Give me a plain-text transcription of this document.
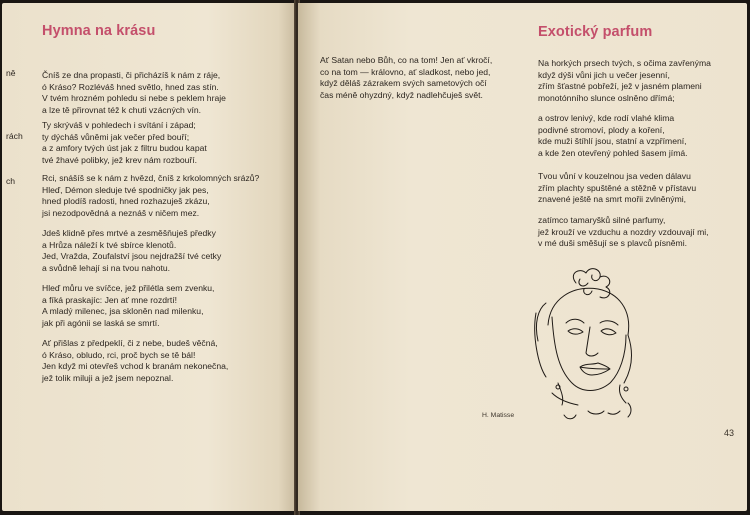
Hymna na krásu
ně
rách
ch
Čníš ze dna propasti, či přicházíš k nám z ráje,
ó Krásо? Rozléváš hned světlo, hned zas stín.
V tvém hrozném pohledu si nebe s peklem hraje
a lze tě přirovnat též k chuti vzácných vín.
Ty skrýváš v pohledech i svítání i západ;
ty dýcháš vůněmi jak večer před bouří;
a z amfory tvých úst jak z filtru budou kapat
tvé žhavé polibky, jež krev nám rozbouří.
Rci, snášíš se k nám z hvězd, čníš z krkolomných srázů?
Hleď, Démon sleduje tvé spodničky jak pes,
hned plodíš radosti, hned rozhazuješ zkázu,
jsi nezodpovědná a neznáš v ničem mez.
Jdeš klidně přes mrtvé a zesměšňuješ předky
a Hrůza náleží k tvé sbírce klenotů.
Jed, Vražda, Zoufalství jsou nejdražší tvé cetky
a svůdně lehají si na tvou nahotu.
Hleď můru ve svíčce, jež přilétla sem zvenku,
a fíká praskajíc: Jen ať mne rozdrtí!
A mladý milenec, jsa skloněn nad milenku,
jak při agónii se laská se smrtí.
Ať přišlas z předpeklí, či z nebe, budeš věčná,
ó Kráso, obludo, rci, proč bych se tě bál!
Jen když mi otevřeš vchod k branám nekonečna,
jež tolik miluji a jež jsem nepoznal.
Ať Satan nebo Bůh, co na tom! Jen ať vkročí,
co na tom — královno, ať sladkost, nebo jed,
když děláš zázrakem svých sametových očí
čas méně ohyzdný, když nadlehčuješ svět.
Exotický parfum
Na horkých prsech tvých, s očima zavřenýma
když dýši vůni jich u večer jesenní,
zřím šťastné pobřeží, jež v jasném plameni
monotónního slunce oslněno dřímá;
a ostrov lenivý, kde rodí vlahé klima
podivné stromoví, plody a koření,
kde muži štíhlí jsou, statní a vzpřímení,
a kde žen otevřený pohled šasem jímá.
Tvou vůní v kouzelnou jsa veden dálavu
zřím plachty spuštěné a stěžně v přístavu
znavené ještě na smrt mořii zvlněnými,
zatímco tamaryšků silné parfumy,
jež krouží ve vzduchu a nozdry vzdouvají mi,
v mé duši směšují se s plavců písněmi.
H. Matisse
43
